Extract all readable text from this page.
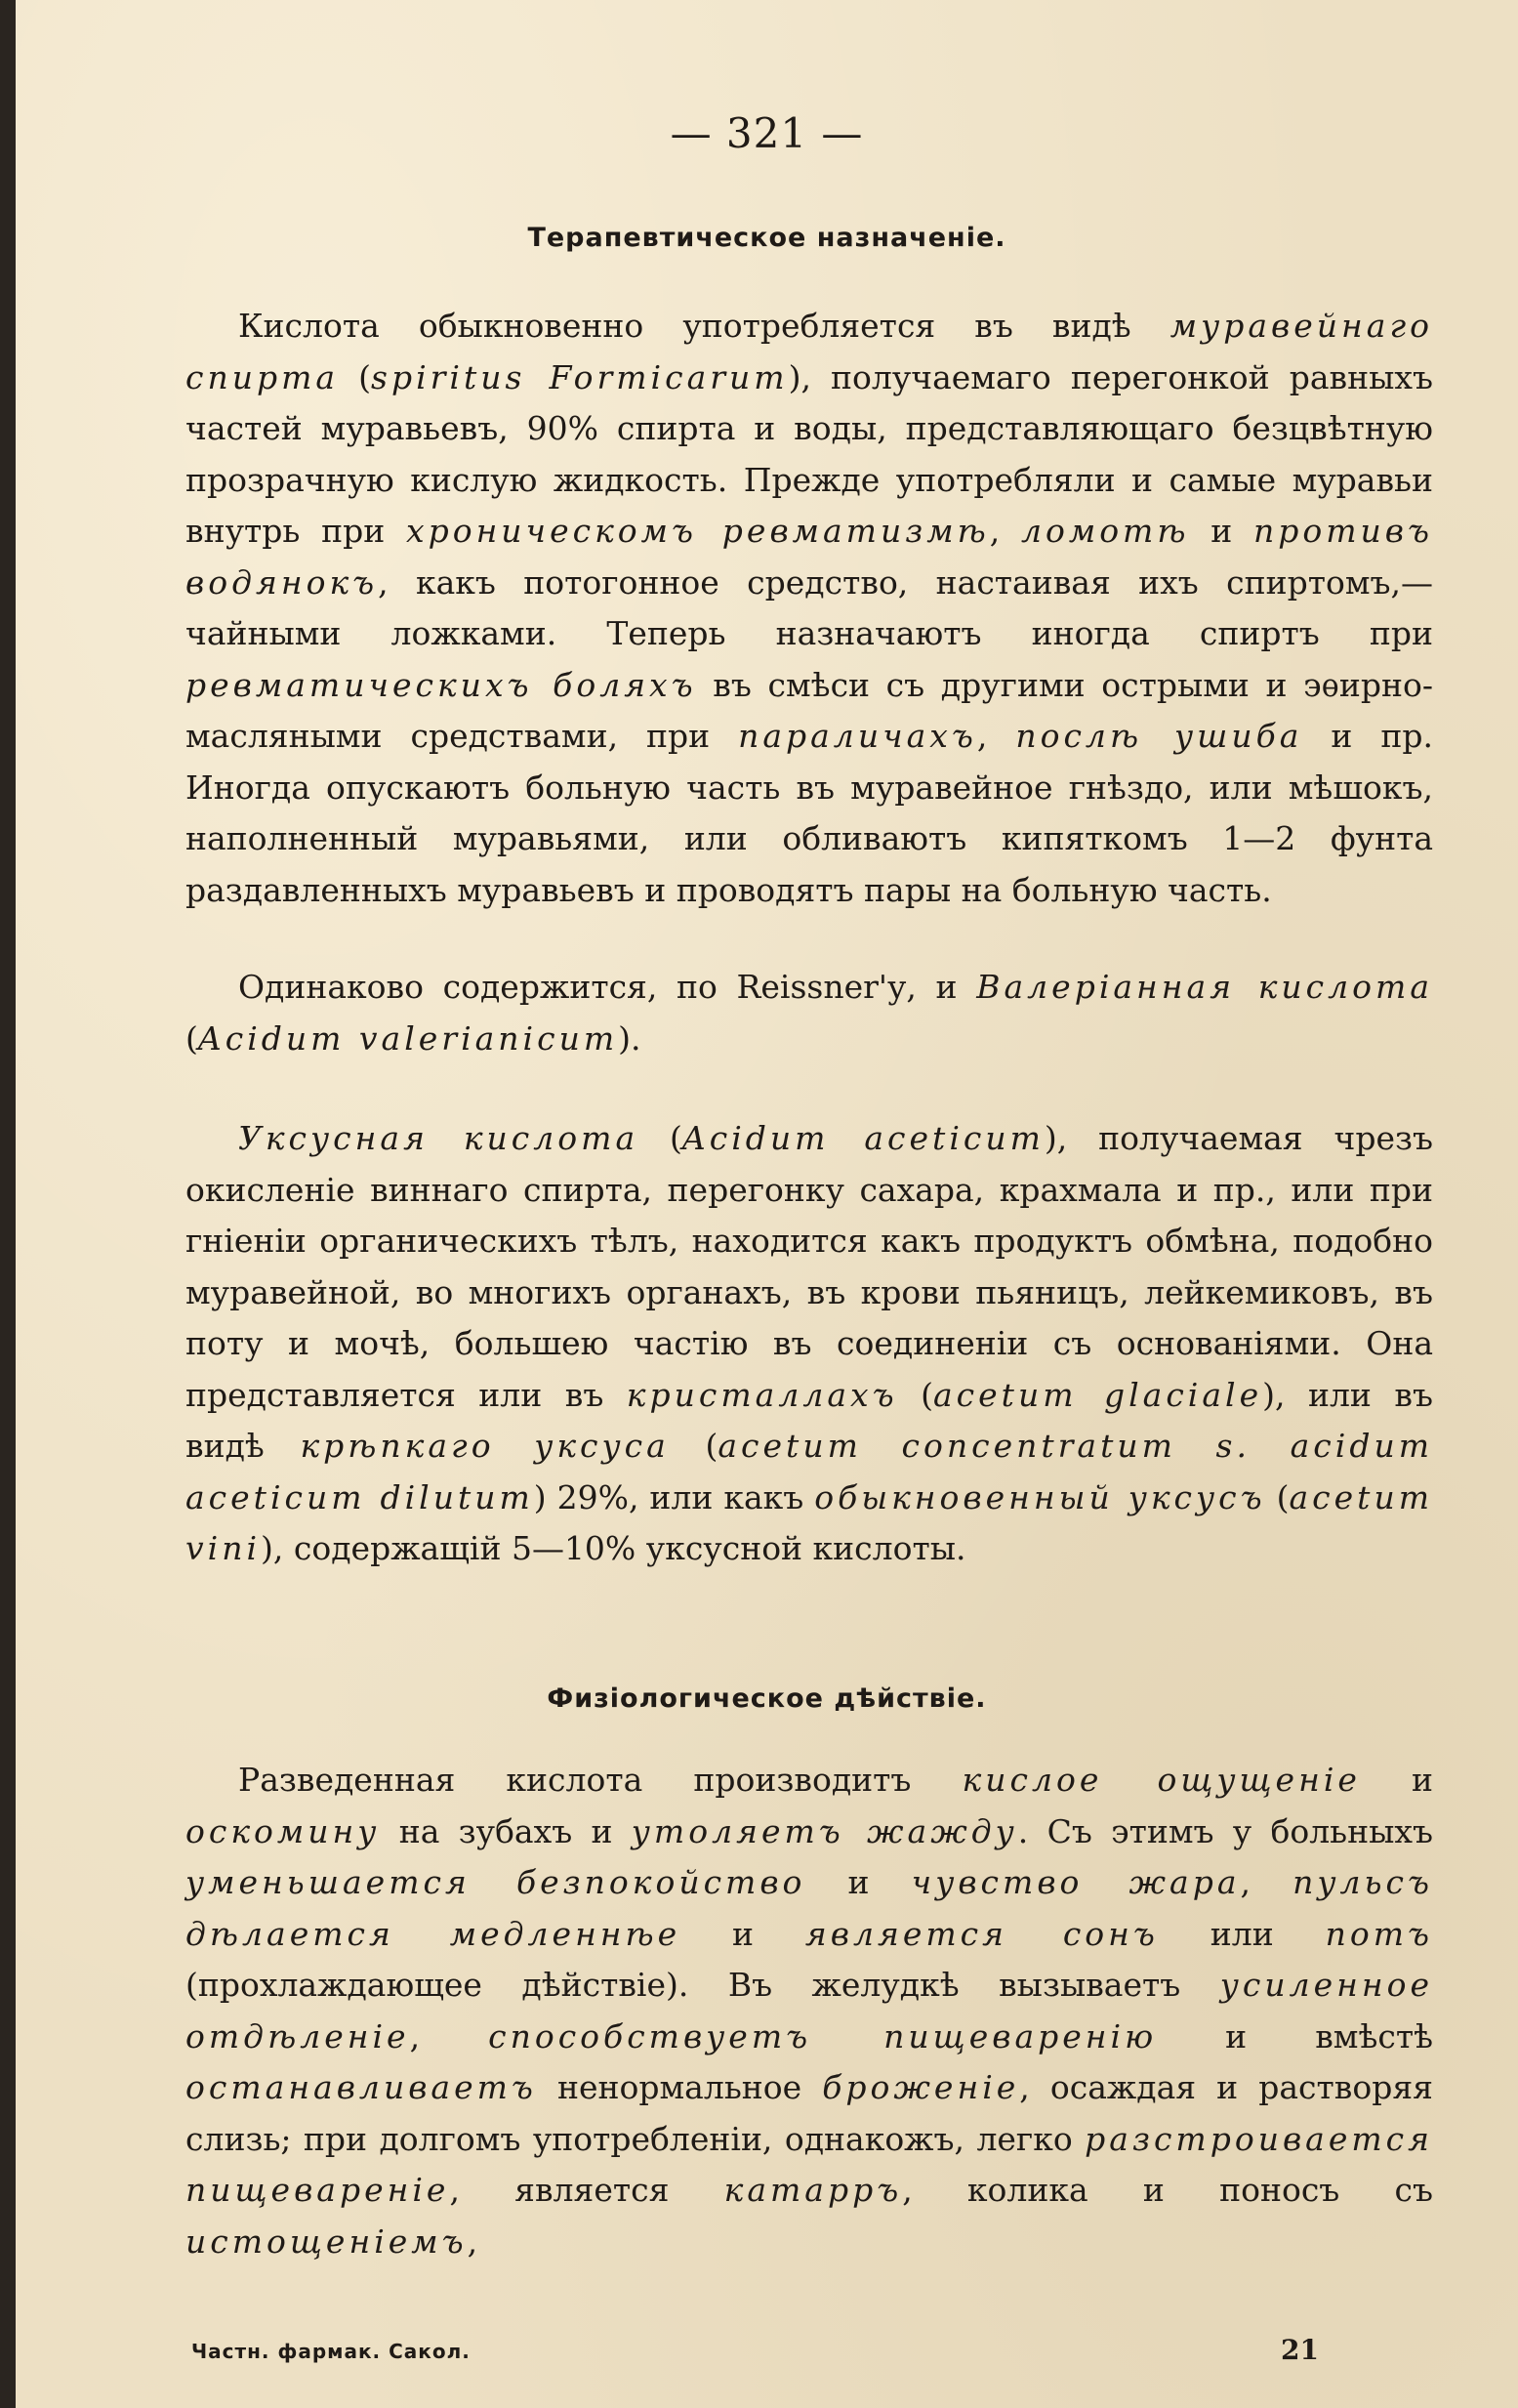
— 321 —
Терапевтическое назначеніе.
Кислота обыкновенно употребляется въ видѣ муравейнаго спирта (spiritus Formicarum), получаемаго перегонкой равныхъ частей муравьевъ, 90% спирта и воды, представляющаго безцвѣтную прозрачную кислую жидкость. Прежде употребляли и самые муравьи внутрь при хроническомъ ревматизмѣ, ломотѣ и противъ водянокъ, какъ потогонное средство, настаивая ихъ спиртомъ,—чайными ложками. Теперь назначаютъ иногда спиртъ при ревматическихъ боляхъ въ смѣси съ другими острыми и эѳирно-масляными средствами, при параличахъ, послѣ ушиба и пр. Иногда опускаютъ больную часть въ муравейное гнѣздо, или мѣшокъ, наполненный муравьями, или обливаютъ кипяткомъ 1—2 фунта раздавленныхъ муравьевъ и проводятъ пары на больную часть.
Одинаково содержится, по Reissner'у, и Валеріанная кислота (Acidum valerianicum).
Уксусная кислота (Acidum aceticum), получаемая чрезъ окисленіе виннаго спирта, перегонку сахара, крахмала и пр., или при гніеніи органическихъ тѣлъ, находится какъ продуктъ обмѣна, подобно муравейной, во многихъ органахъ, въ крови пьяницъ, лейкемиковъ, въ поту и мочѣ, большею частію въ соединеніи съ основаніями. Она представляется или въ кристаллахъ (acetum glaciale), или въ видѣ крѣпкаго уксуса (acetum concentratum s. acidum aceticum dilutum) 29%, или какъ обыкновенный уксусъ (acetum vini), содержащій 5—10% уксусной кислоты.
Физіологическое дѣйствіе.
Разведенная кислота производитъ кислое ощущеніе и оскомину на зубахъ и утоляетъ жажду. Съ этимъ у больныхъ уменьшается безпокойство и чувство жара, пульсъ дѣлается медленнѣе и является сонъ или потъ (прохлаждающее дѣйствіе). Въ желудкѣ вызываетъ усиленное отдѣленіе, способствуетъ пищеваренію и вмѣстѣ останавливаетъ ненормальное броженіе, осаждая и растворяя слизь; при долгомъ употребленіи, однакожъ, легко разстроивается пищевареніе, является катарръ, колика и поносъ съ истощеніемъ,
Частн. фармак. Сакол.	21
